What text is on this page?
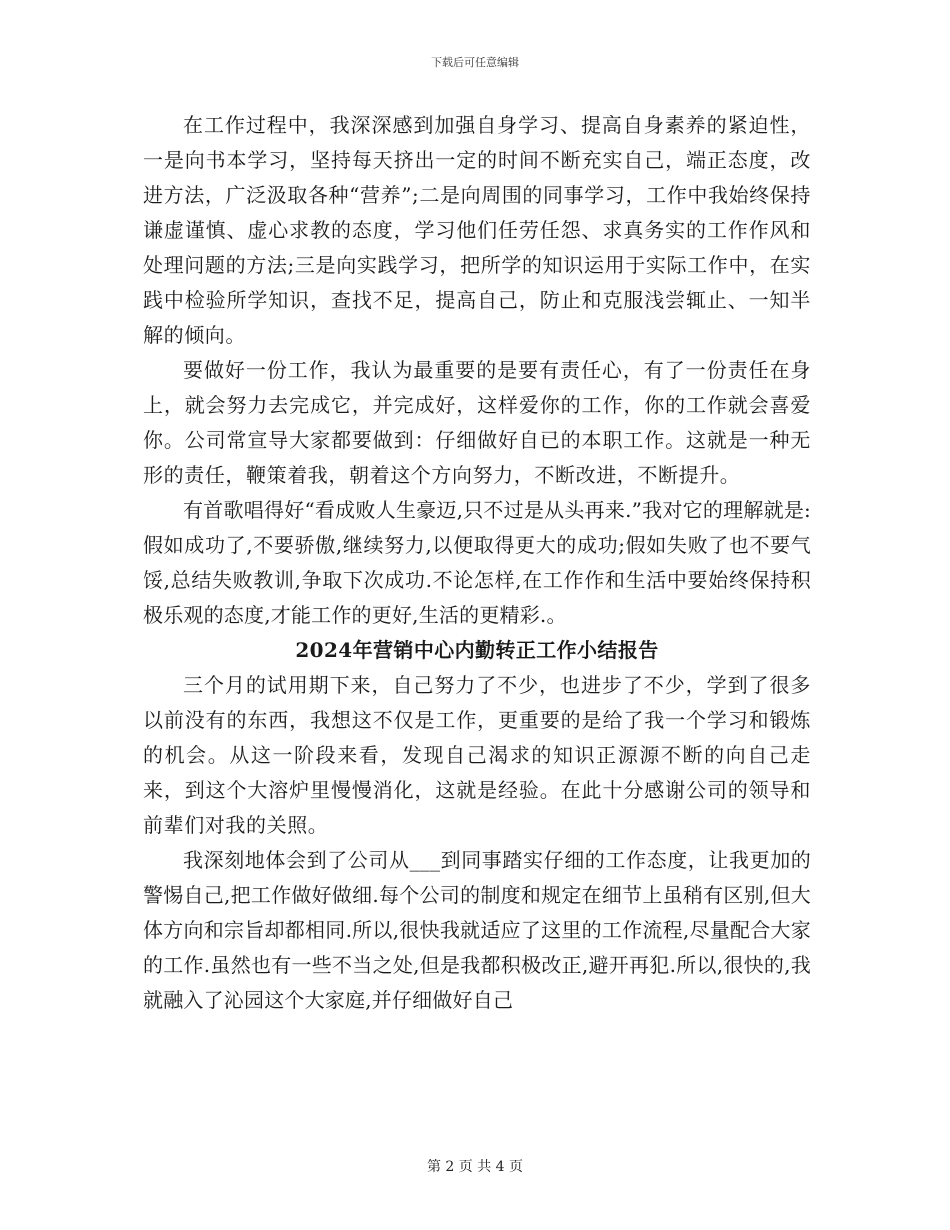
下载后可任意编辑

在工作过程中，我深深感到加强自身学习、提高自身素养的紧迫性，一是向书本学习，坚持每天挤出一定的时间不断充实自己，端正态度，改进方法，广泛汲取各种“营养”;二是向周围的同事学习，工作中我始终保持谦虚谨慎、虚心求教的态度，学习他们任劳任怨、求真务实的工作作风和处理问题的方法;三是向实践学习，把所学的知识运用于实际工作中，在实践中检验所学知识，查找不足，提高自己，防止和克服浅尝辄止、一知半解的倾向。

要做好一份工作，我认为最重要的是要有责任心，有了一份责任在身上，就会努力去完成它，并完成好，这样爱你的工作，你的工作就会喜爱你。公司常宣导大家都要做到：仔细做好自已的本职工作。这就是一种无形的责任，鞭策着我，朝着这个方向努力，不断改进，不断提升。

有首歌唱得好“看成败人生豪迈,只不过是从头再来.”我对它的理解就是:假如成功了,不要骄傲,继续努力,以便取得更大的成功;假如失败了也不要气馁,总结失败教训,争取下次成功.不论怎样,在工作作和生活中要始终保持积极乐观的态度,才能工作的更好,生活的更精彩.。

2024年营销中心内勤转正工作小结报告

三个月的试用期下来，自己努力了不少，也进步了不少，学到了很多以前没有的东西，我想这不仅是工作，更重要的是给了我一个学习和锻炼的机会。从这一阶段来看，发现自己渴求的知识正源源不断的向自己走来，到这个大溶炉里慢慢消化，这就是经验。在此十分感谢公司的领导和前辈们对我的关照。

我深刻地体会到了公司从___到同事踏实仔细的工作态度，让我更加的警惕自己,把工作做好做细.每个公司的制度和规定在细节上虽稍有区别,但大体方向和宗旨却都相同.所以,很快我就适应了这里的工作流程,尽量配合大家的工作.虽然也有一些不当之处,但是我都积极改正,避开再犯.所以,很快的,我就融入了沁园这个大家庭,并仔细做好自己

第 2 页 共 4 页
